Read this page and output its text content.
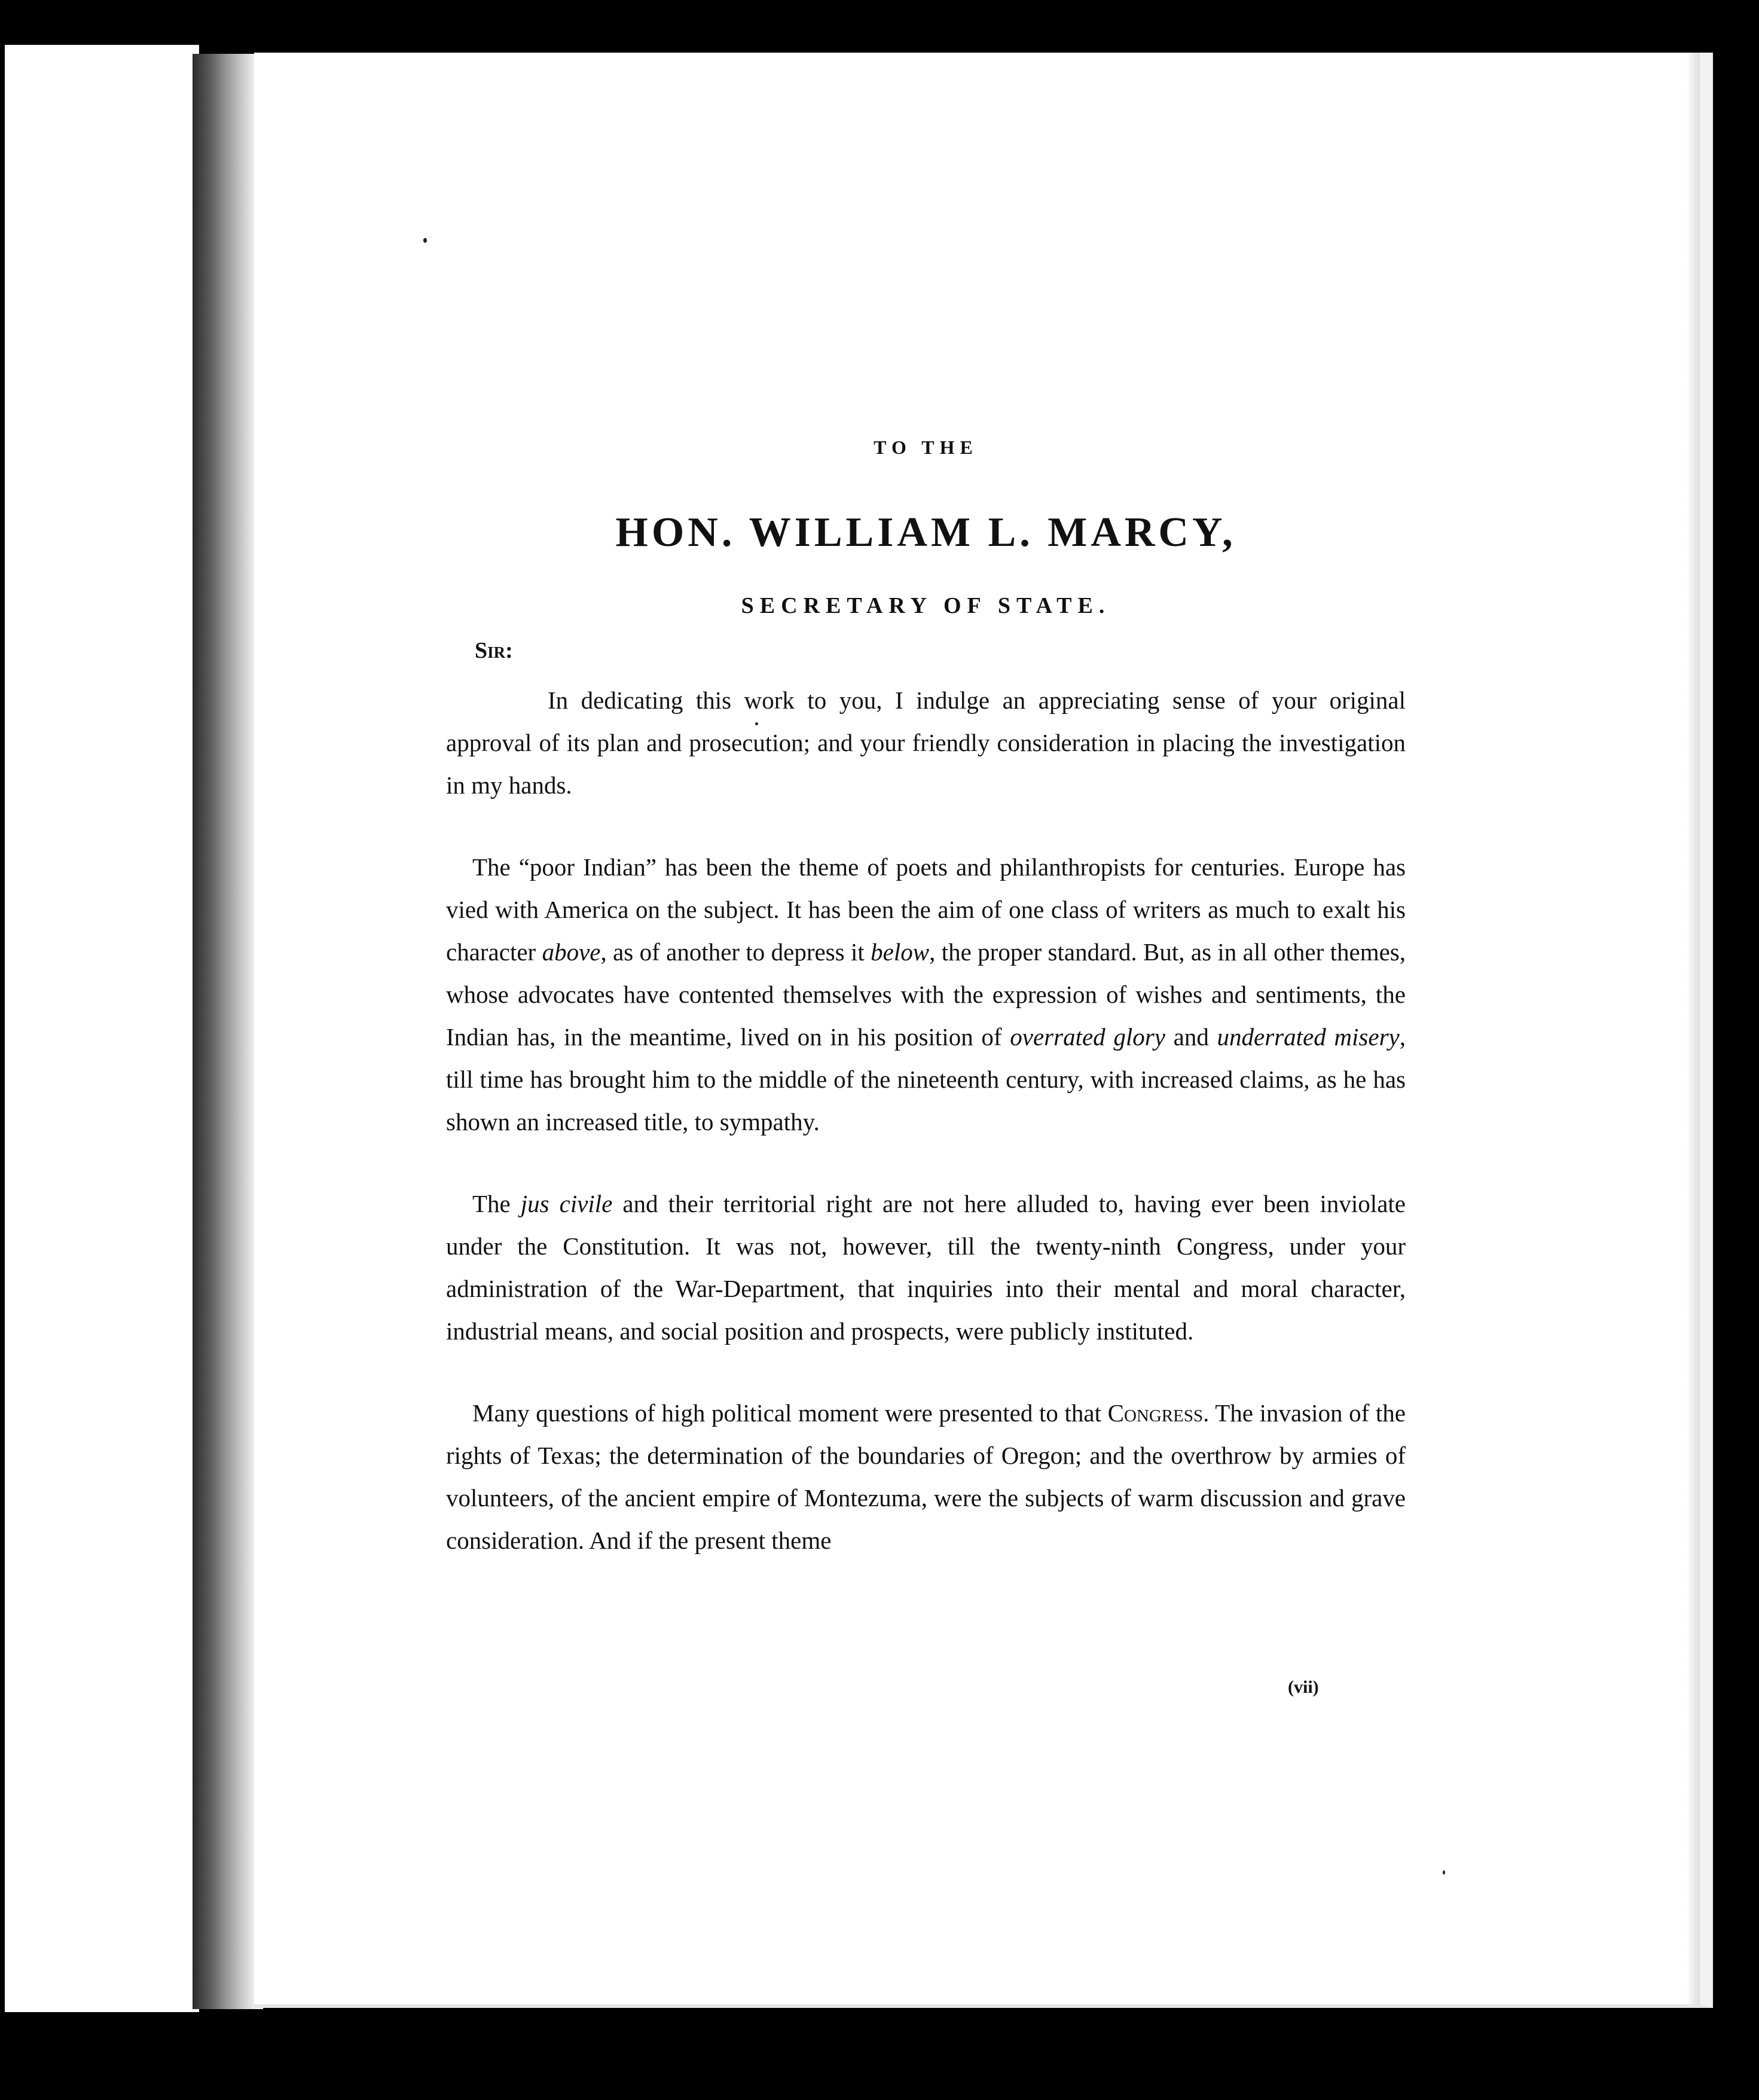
TO THE
HON. WILLIAM L. MARCY,
SECRETARY OF STATE.
Sir:

In dedicating this work to you, I indulge an appreciating sense of your original approval of its plan and prosecution; and your friendly consideration in placing the investigation in my hands.

The “poor Indian” has been the theme of poets and philanthropists for centuries. Europe has vied with America on the subject. It has been the aim of one class of writers as much to exalt his character above, as of another to depress it below, the proper standard. But, as in all other themes, whose advocates have contented themselves with the expression of wishes and sentiments, the Indian has, in the meantime, lived on in his position of overrated glory and underrated misery, till time has brought him to the middle of the nineteenth century, with increased claims, as he has shown an increased title, to sympathy.

The jus civile and their territorial right are not here alluded to, having ever been inviolate under the Constitution. It was not, however, till the twenty-ninth Congress, under your administration of the War-Department, that inquiries into their mental and moral character, industrial means, and social position and prospects, were publicly instituted.

Many questions of high political moment were presented to that Congress. The invasion of the rights of Texas; the determination of the boundaries of Oregon; and the overthrow by armies of volunteers, of the ancient empire of Montezuma, were the subjects of warm discussion and grave consideration. And if the present theme

(vii)
